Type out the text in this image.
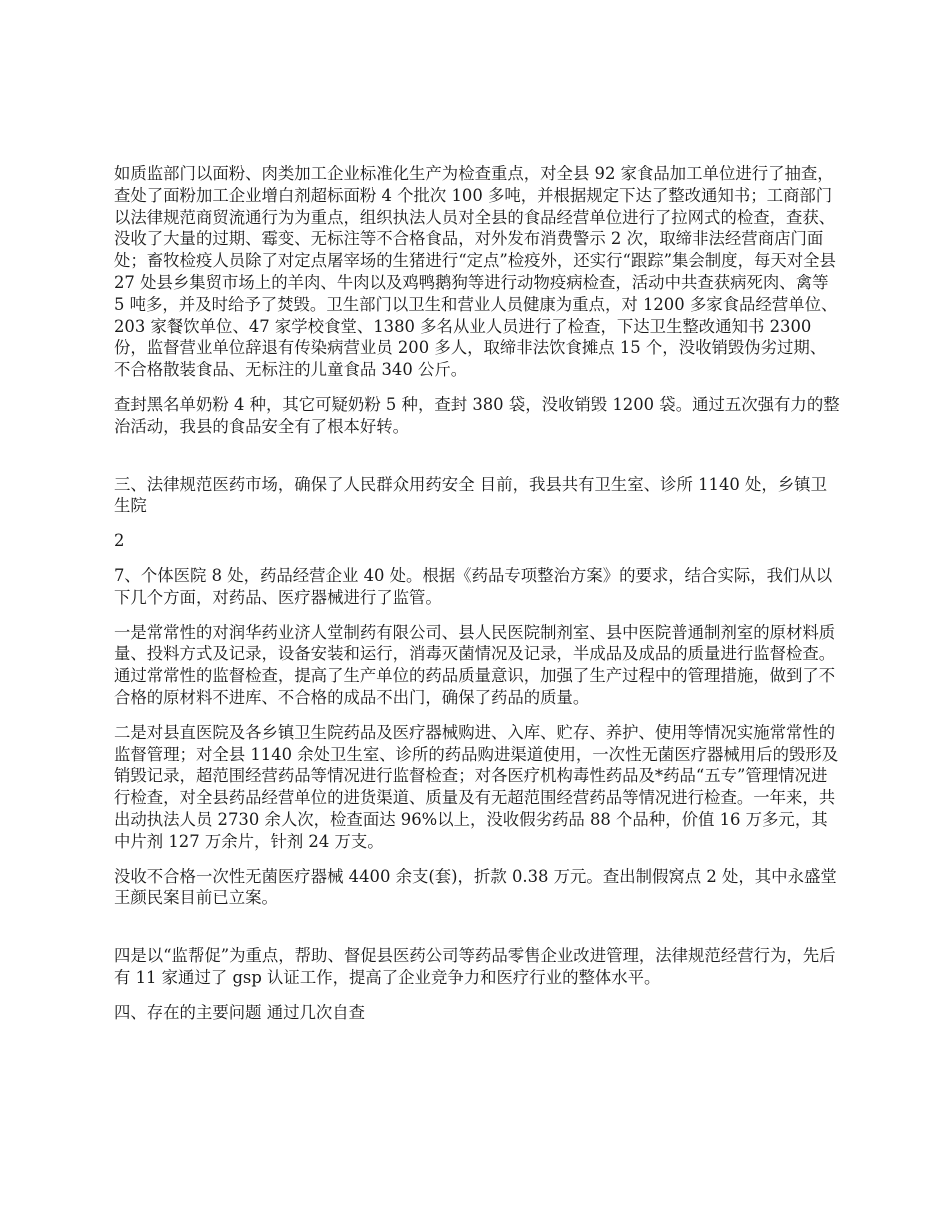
如质监部门以面粉、肉类加工企业标准化生产为检查重点，对全县 92 家食品加工单位进行了抽查，查处了面粉加工企业增白剂超标面粉 4 个批次 100 多吨，并根据规定下达了整改通知书；工商部门以法律规范商贸流通行为为重点，组织执法人员对全县的食品经营单位进行了拉网式的检查，查获、没收了大量的过期、霉变、无标注等不合格食品，对外发布消费警示 2 次，取缔非法经营商店门面 处；畜牧检疫人员除了对定点屠宰场的生猪进行“定点”检疫外，还实行“跟踪”集会制度，每天对全县 27 处县乡集贸市场上的羊肉、牛肉以及鸡鸭鹅狗等进行动物疫病检查，活动中共查获病死肉、禽等 5 吨多，并及时给予了焚毁。卫生部门以卫生和营业人员健康为重点，对 1200 多家食品经营单位、203 家餐饮单位、47 家学校食堂、1380 多名从业人员进行了检查，下达卫生整改通知书 2300 份，监督营业单位辞退有传染病营业员 200 多人，取缔非法饮食摊点 15 个，没收销毁伪劣过期、不合格散装食品、无标注的儿童食品 340 公斤。

查封黑名单奶粉 4 种，其它可疑奶粉 5 种，查封 380 袋，没收销毁 1200 袋。通过五次强有力的整治活动，我县的食品安全有了根本好转。

三、法律规范医药市场，确保了人民群众用药安全 目前，我县共有卫生室、诊所 1140 处，乡镇卫生院

2

7、个体医院 8 处，药品经营企业 40 处。根据《药品专项整治方案》的要求，结合实际，我们从以下几个方面，对药品、医疗器械进行了监管。

一是常常性的对润华药业济人堂制药有限公司、县人民医院制剂室、县中医院普通制剂室的原材料质量、投料方式及记录，设备安装和运行，消毒灭菌情况及记录，半成品及成品的质量进行监督检查。通过常常性的监督检查，提高了生产单位的药品质量意识，加强了生产过程中的管理措施，做到了不合格的原材料不进库、不合格的成品不出门，确保了药品的质量。

二是对县直医院及各乡镇卫生院药品及医疗器械购进、入库、贮存、养护、使用等情况实施常常性的监督管理；对全县 1140 余处卫生室、诊所的药品购进渠道使用，一次性无菌医疗器械用后的毁形及销毁记录，超范围经营药品等情况进行监督检查；对各医疗机构毒性药品及*药品“五专”管理情况进行检查，对全县药品经营单位的进货渠道、质量及有无超范围经营药品等情况进行检查。一年来，共出动执法人员 2730 余人次，检查面达 96%以上，没收假劣药品 88 个品种，价值 16 万多元，其中片剂 127 万余片，针剂 24 万支。

没收不合格一次性无菌医疗器械 4400 余支(套)，折款 0.38 万元。查出制假窝点 2 处，其中永盛堂王颜民案目前已立案。

四是以“监帮促”为重点，帮助、督促县医药公司等药品零售企业改进管理，法律规范经营行为，先后有 11 家通过了 gsp 认证工作，提高了企业竞争力和医疗行业的整体水平。

四、存在的主要问题 通过几次自查
